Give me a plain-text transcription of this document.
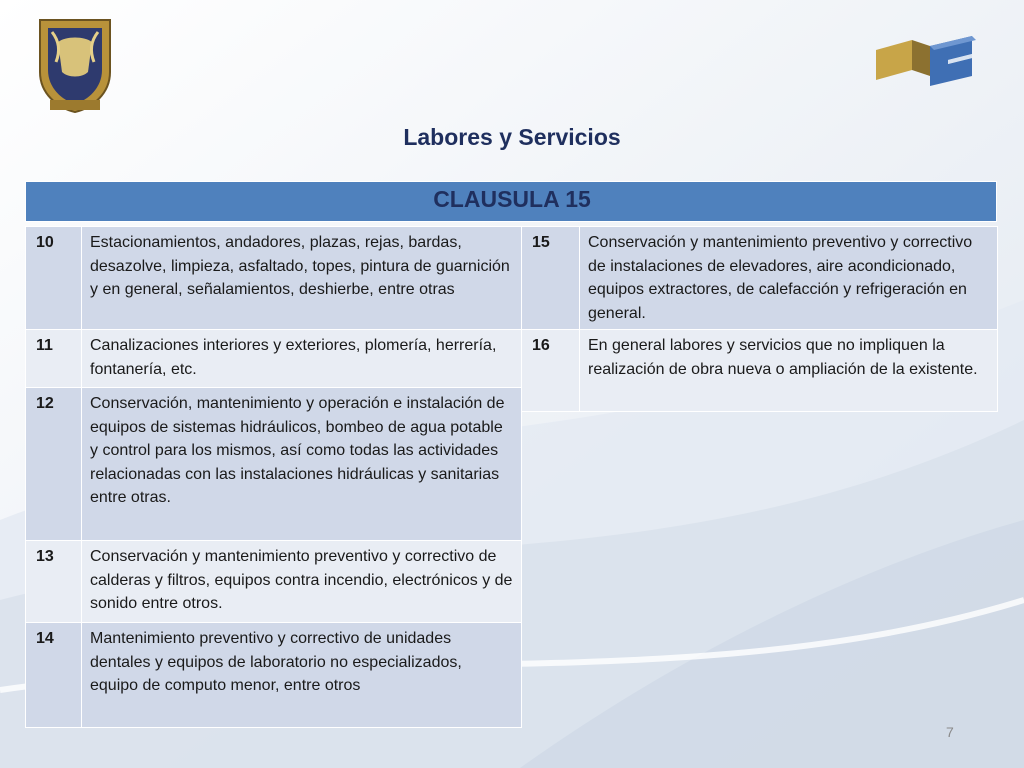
Labores y Servicios
CLAUSULA 15
10	Estacionamientos, andadores, plazas, rejas, bardas, desazolve, limpieza, asfaltado, topes, pintura de guarnición y en general, señalamientos, deshierbe, entre otras
11	Canalizaciones interiores y exteriores, plomería, herrería, fontanería, etc.
12	Conservación, mantenimiento y operación e instalación de equipos de sistemas hidráulicos, bombeo de agua potable y control para los mismos, así como todas las actividades relacionadas con las instalaciones hidráulicas y sanitarias entre otras.
13	Conservación y mantenimiento preventivo y correctivo de calderas y filtros, equipos contra incendio, electrónicos y de sonido entre otros.
14	Mantenimiento preventivo y correctivo de unidades dentales y equipos de laboratorio no especializados, equipo de computo menor, entre otros
15	Conservación y mantenimiento preventivo y correctivo de instalaciones de elevadores, aire acondicionado, equipos extractores, de calefacción y refrigeración en general.
16	En general labores y servicios que no impliquen la realización de obra nueva o ampliación de la existente.
7
